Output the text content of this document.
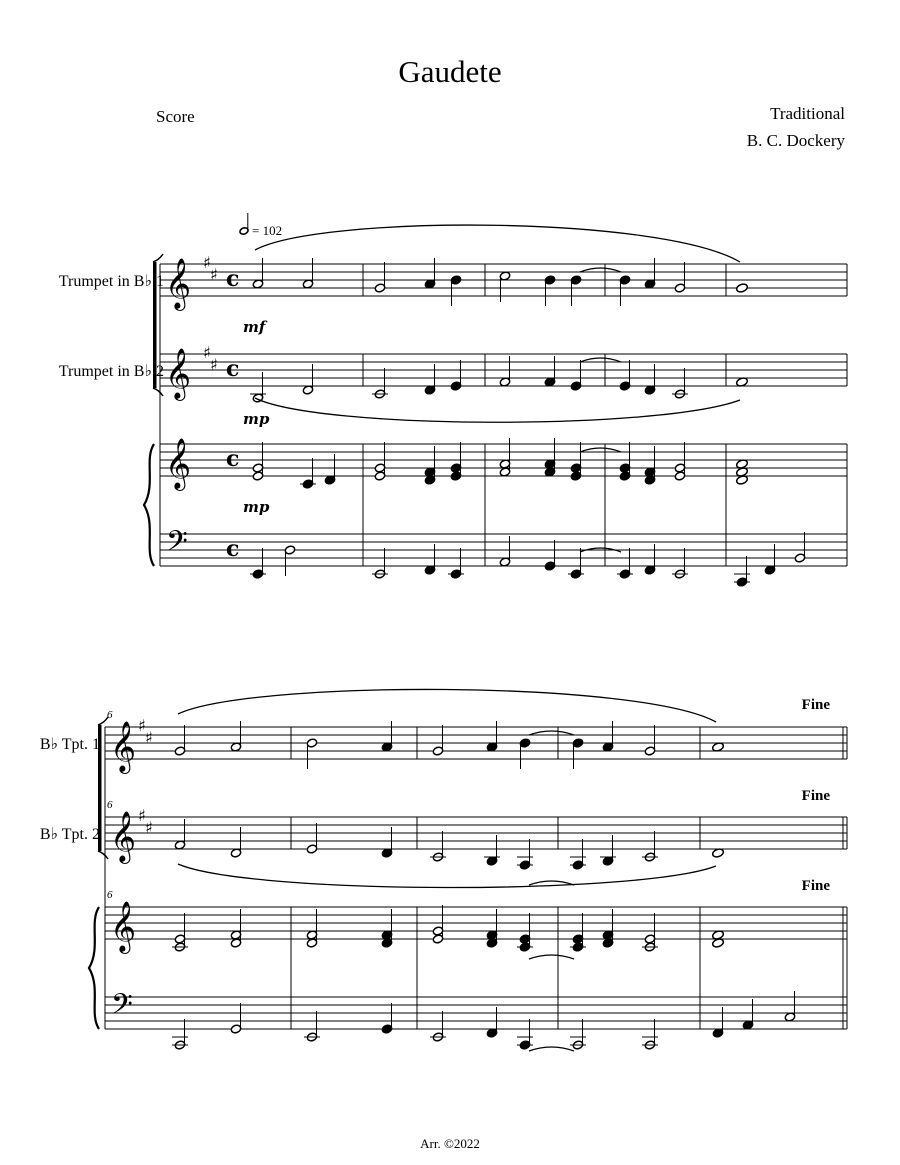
Gaudete
Score	Traditional
B. C. Dockery
𝄞
𝄞
𝄞
𝄢
𝄞
𝄞
𝄞
𝄢
♯
♯
♯
♯
c
c
c
c
♯
♯
♯
♯
Trumpet in B♭ 1
Trumpet in B♭ 2
B♭ Tpt. 1
B♭ Tpt. 2
mf
mp
mp
= 102
6
6
6
Fine
Fine
Fine
Arr. ©2022
